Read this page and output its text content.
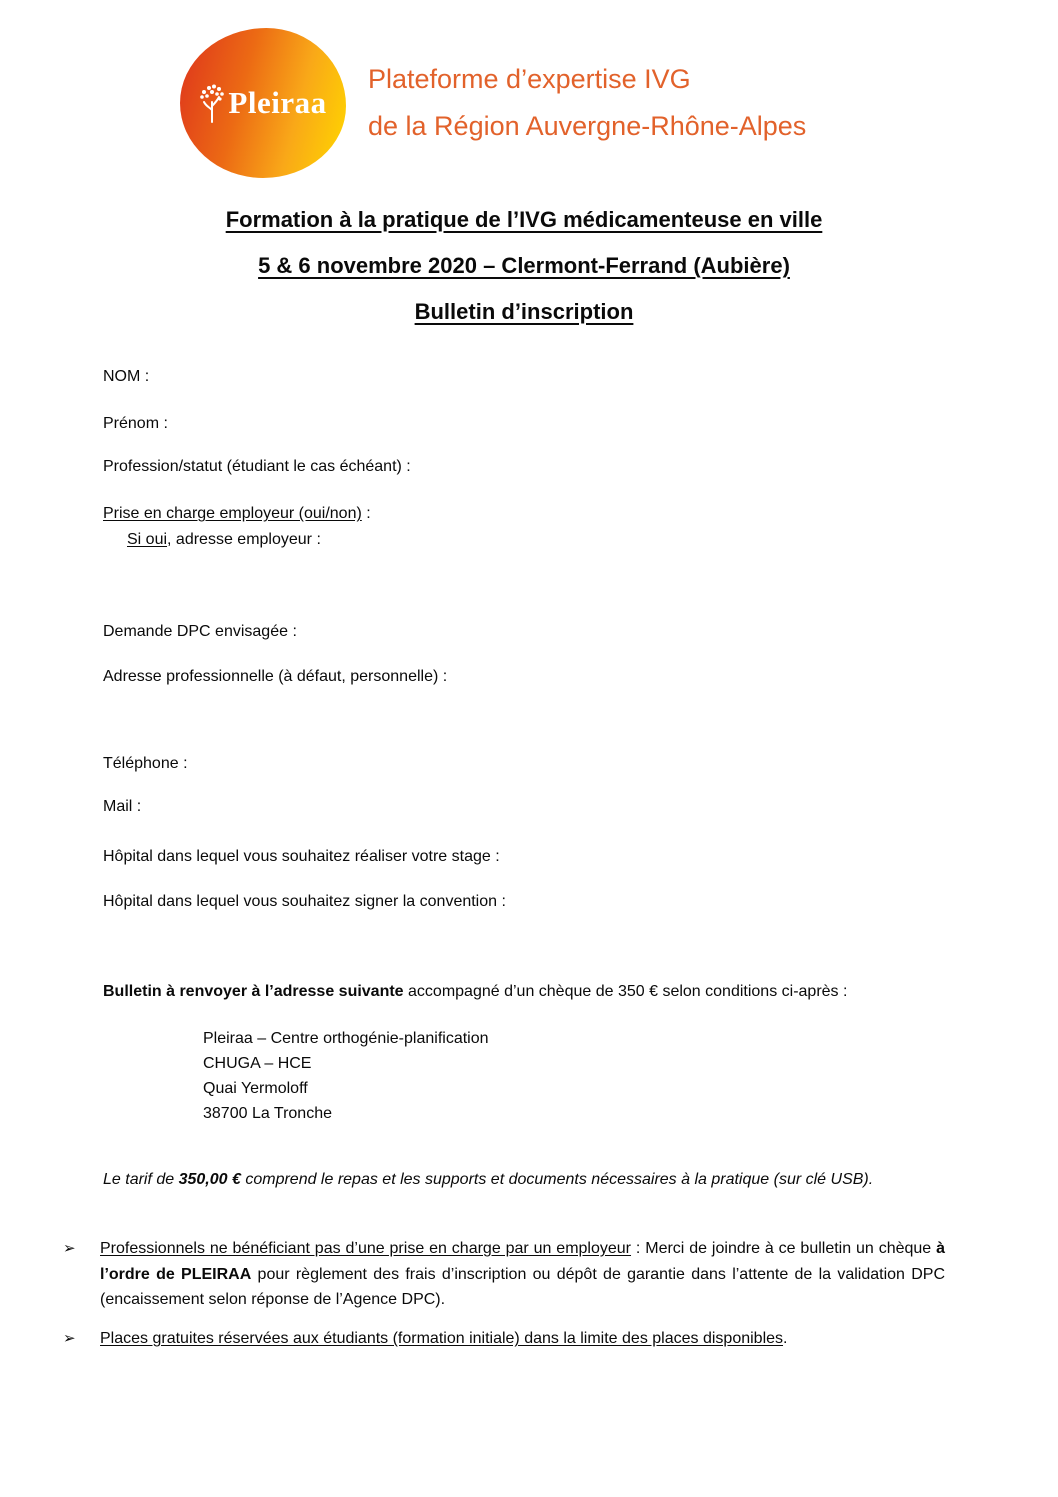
Pleiraa
Plateforme d’expertise IVG
de la Région Auvergne-Rhône-Alpes
Formation à la pratique de l’IVG médicamenteuse en ville
5 & 6 novembre 2020 – Clermont-Ferrand (Aubière)
Bulletin d’inscription
NOM :
Prénom :
Profession/statut (étudiant le cas échéant) :
Prise en charge employeur (oui/non) :
Si oui, adresse employeur :
Demande DPC envisagée :
Adresse professionnelle (à défaut, personnelle) :
Téléphone :
Mail :
Hôpital dans lequel vous souhaitez réaliser votre stage :
Hôpital dans lequel vous souhaitez signer la convention :
Bulletin à renvoyer à l’adresse suivante accompagné d’un chèque de 350 € selon conditions ci-après :
Pleiraa – Centre orthogénie-planification
CHUGA – HCE
Quai Yermoloff
38700 La Tronche
Le tarif de 350,00 € comprend le repas et les supports et documents nécessaires à la pratique (sur clé USB).
➢ Professionnels ne bénéficiant pas d’une prise en charge par un employeur : Merci de joindre à ce bulletin un chèque à l’ordre de PLEIRAA pour règlement des frais d’inscription ou dépôt de garantie dans l’attente de la validation DPC (encaissement selon réponse de l’Agence DPC).
➢ Places gratuites réservées aux étudiants (formation initiale) dans la limite des places disponibles.
